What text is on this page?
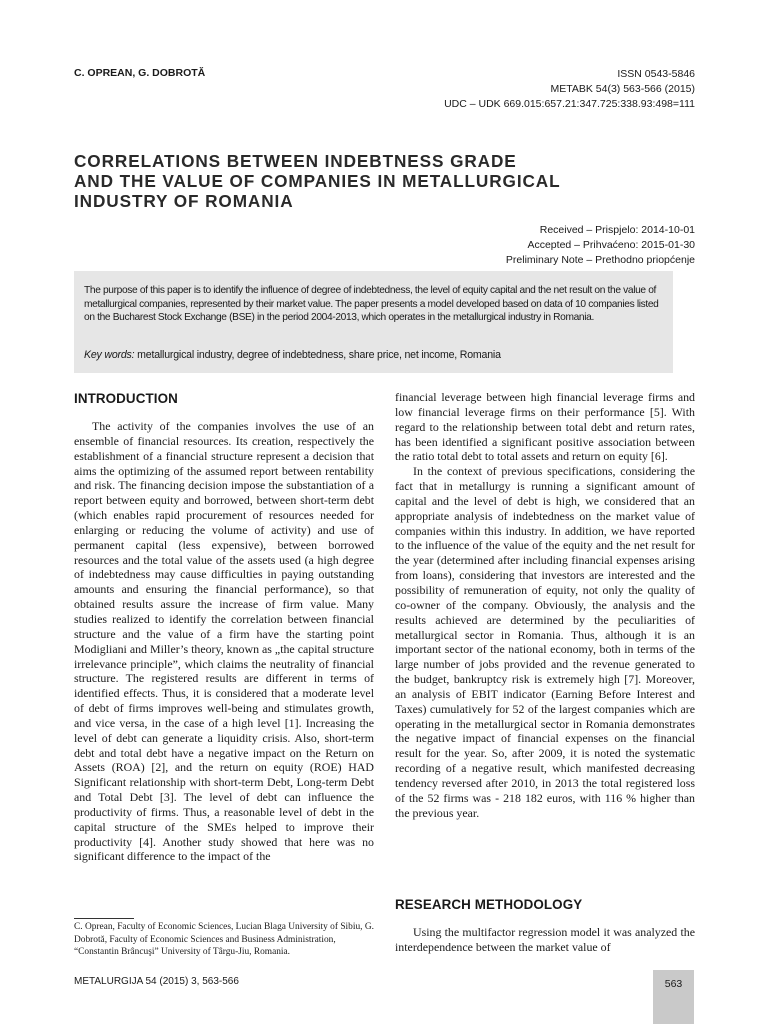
C. OPREAN, G. DOBROTĂ	ISSN 0543-5846
METABK 54(3) 563-566 (2015)
UDC – UDK 669.015:657.21:347.725:338.93:498=111
CORRELATIONS BETWEEN INDEBTNESS GRADE
AND THE VALUE OF COMPANIES IN METALLURGICAL
INDUSTRY OF ROMANIA
Received – Prispjelo: 2014-10-01
Accepted – Prihvaćeno: 2015-01-30
Preliminary Note – Prethodno priopćenje
The purpose of this paper is to identify the influence of degree of indebtedness, the level of equity capital and the net result on the value of metallurgical companies, represented by their market value. The paper presents a model developed based on data of 10 companies listed on the Bucharest Stock Exchange (BSE) in the period 2004-2013, which operates in the metallurgical industry in Romania.
Key words: metallurgical industry, degree of indebtedness, share price, net income, Romania
INTRODUCTION

The activity of the companies involves the use of an ensemble of financial resources. Its creation, respectively the establishment of a financial structure represent a decision that aims the optimizing of the assumed report between rentability and risk. The financing decision impose the substantiation of a report between equity and borrowed, between short-term debt (which enables rapid procurement of resources needed for enlarging or reducing the volume of activity) and use of permanent capital (less expensive), between borrowed resources and the total value of the assets used (a high degree of indebtedness may cause difficulties in paying outstanding amounts and ensuring the financial performance), so that obtained results assure the increase of firm value. Many studies realized to identify the correlation between financial structure and the value of a firm have the starting point Modigliani and Miller’s theory, known as „the capital structure irrelevance principle”, which claims the neutrality of financial structure. The registered results are different in terms of identified effects. Thus, it is considered that a moderate level of debt of firms improves well-being and stimulates growth, and vice versa, in the case of a high level [1]. Increasing the level of debt can generate a liquidity crisis. Also, short-term debt and total debt have a negative impact on the Return on Assets (ROA) [2], and the return on equity (ROE) HAD Significant relationship with short-term Debt, Long-term Debt and Total Debt [3]. The level of debt can influence the productivity of firms. Thus, a reasonable level of debt in the capital structure of the SMEs helped to improve their productivity [4]. Another study showed that here was no significant difference to the impact of the

financial leverage between high financial leverage firms and low financial leverage firms on their performance [5]. With regard to the relationship between total debt and return rates, has been identified a significant positive association between the ratio total debt to total assets and return on equity [6].

In the context of previous specifications, considering the fact that in metallurgy is running a significant amount of capital and the level of debt is high, we considered that an appropriate analysis of indebtedness on the market value of companies within this industry. In addition, we have reported to the influence of the value of the equity and the net result for the year (determined after including financial expenses arising from loans), considering that investors are interested and the possibility of remuneration of equity, not only the quality of co-owner of the company. Obviously, the analysis and the results achieved are determined by the peculiarities of metallurgical sector in Romania. Thus, although it is an important sector of the national economy, both in terms of the large number of jobs provided and the revenue generated to the budget, bankruptcy risk is extremely high [7]. Moreover, an analysis of EBIT indicator (Earning Before Interest and Taxes) cumulatively for 52 of the largest companies which are operating in the metallurgical sector in Romania demonstrates the negative impact of financial expenses on the financial result for the year. So, after 2009, it is noted the systematic recording of a negative result, which manifested decreasing tendency reversed after 2010, in 2013 the total registered loss of the 52 firms was - 218 182 euros, with 116 % higher than the previous year.

RESEARCH METHODOLOGY

Using the multifactor regression model it was analyzed the interdependence between the market value of

C. Oprean, Faculty of Economic Sciences, Lucian Blaga University of Sibiu, G. Dobrotă, Faculty of Economic Sciences and Business Administration, “Constantin Brâncuşi” University of Târgu-Jiu, Romania.
METALURGIJA 54 (2015) 3, 563-566	563
